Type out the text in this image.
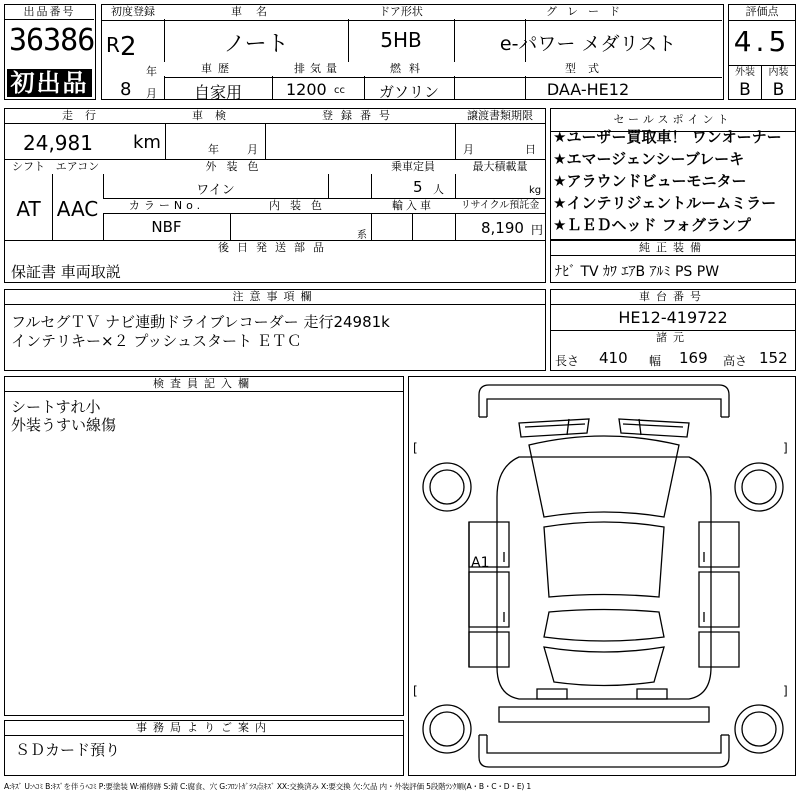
出品番号
36386
初出品
初度登録
R 2
年
8 月
車名
ノート
ドア形状
5HB
グレード
e-パワー メダリスト
車歴
自家用
排気量
1200 cc
燃料
ガソリン
型式
DAA-HE12
評価点
4.5
外装	内装
B	B
走行
24,981 km
車検
年	月
登録番号	譲渡書類期限
月	日
シフト
AT
エアコン
AAC
外装色
ワイン
乗車定員
5 人
最大積載量
kg
カラーNo.
NBF
内装色
系
輸入車	リサイクル預託金
8,190 円
後日発送部品
保証書 車両取説
セールスポイント
★ユーザー買取車！ ワンオーナー
★エマージェンシーブレーキ
★アラウンドビューモニター
★インテリジェントルームミラー
★ＬＥＤヘッド フォグランプ
純正装備
ﾅﾋﾞ TV ｶﾜ ｴｱB ｱﾙﾐ PS PW
注意事項欄
フルセグＴＶ ナビ連動ドライブレコーダー 走行24981k
インテリキー×２ プッシュスタート ＥＴＣ
車台番号
HE12-419722
諸元
長さ 410 幅 169 高さ 152
検査員記入欄
シートすれ小
外装うすい線傷
事務局よりご案内
ＳＤカード預り
[
[
]
]
A1
A:ｷｽﾞ U:ﾍｺﾐ B:ｷｽﾞを伴うﾍｺﾐ P:要塗装 W:補修跡 S:錆 C:腐食、穴 G:ﾌﾛﾝﾄｶﾞﾗｽ点ｷｽﾞ XX:交換済み X:要交換 欠:欠品 内・外装評価 5段階ﾗﾝｸ順(A・B・C・D・E) 1
